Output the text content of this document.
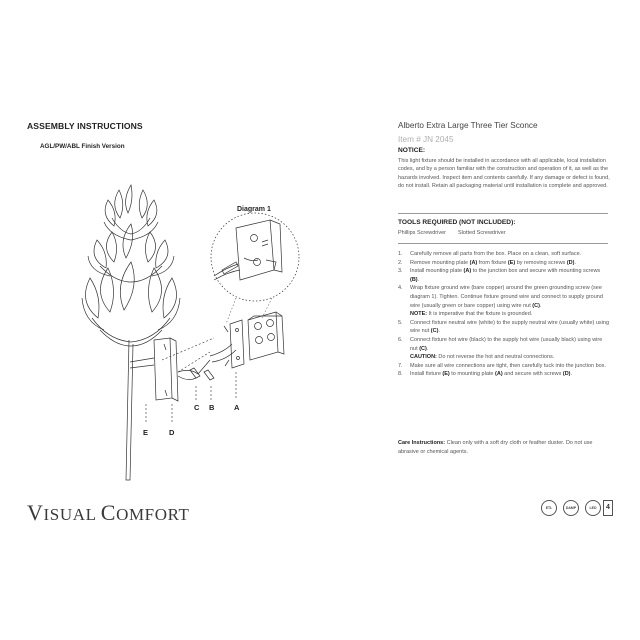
ASSEMBLY INSTRUCTIONS
AGL/PW/ABL Finish Version
Diagram 1
A
B
C
D
E
VISUAL COMFORT
Alberto Extra Large Three Tier Sconce
Item # JN 2045
NOTICE:
This light fixture should be installed in accordance with all applicable, local installation codes, and by a person familiar with the construction and operation of it, as well as the hazards involved. Inspect item and contents carefully. If any damage or defect is found, do not install. Retain all packaging material until installation is complete and approved.
TOOLS REQUIRED (NOT INCLUDED):
Phillips Screwdriver Slotted Screwdriver
1. Carefully remove all parts from the box. Place on a clean, soft surface.
2. Remove mounting plate (A) from fixture (E) by removing screws (D).
3. Install mounting plate (A) to the junction box and secure with mounting screws (B).
4. Wrap fixture ground wire (bare copper) around the green grounding screw (see diagram 1). Tighten. Continue fixture ground wire and connect to supply ground wire (usually green or bare copper) using wire nut (C).
NOTE: It is imperative that the fixture is grounded.
5. Connect fixture neutral wire (white) to the supply neutral wire (usually white) using wire nut (C).
6. Connect fixture hot wire (black) to the supply hot wire (usually black) using wire nut (C).
CAUTION: Do not reverse the hot and neutral connections.
7. Make sure all wire connections are tight, then carefully tuck into the junction box.
8. Install fixture (E) to mounting plate (A) and secure with screws (D).
Care Instructions: Clean only with a soft dry cloth or feather duster. Do not use abrasive or chemical agents.
ETL	DAMP	LED	4
